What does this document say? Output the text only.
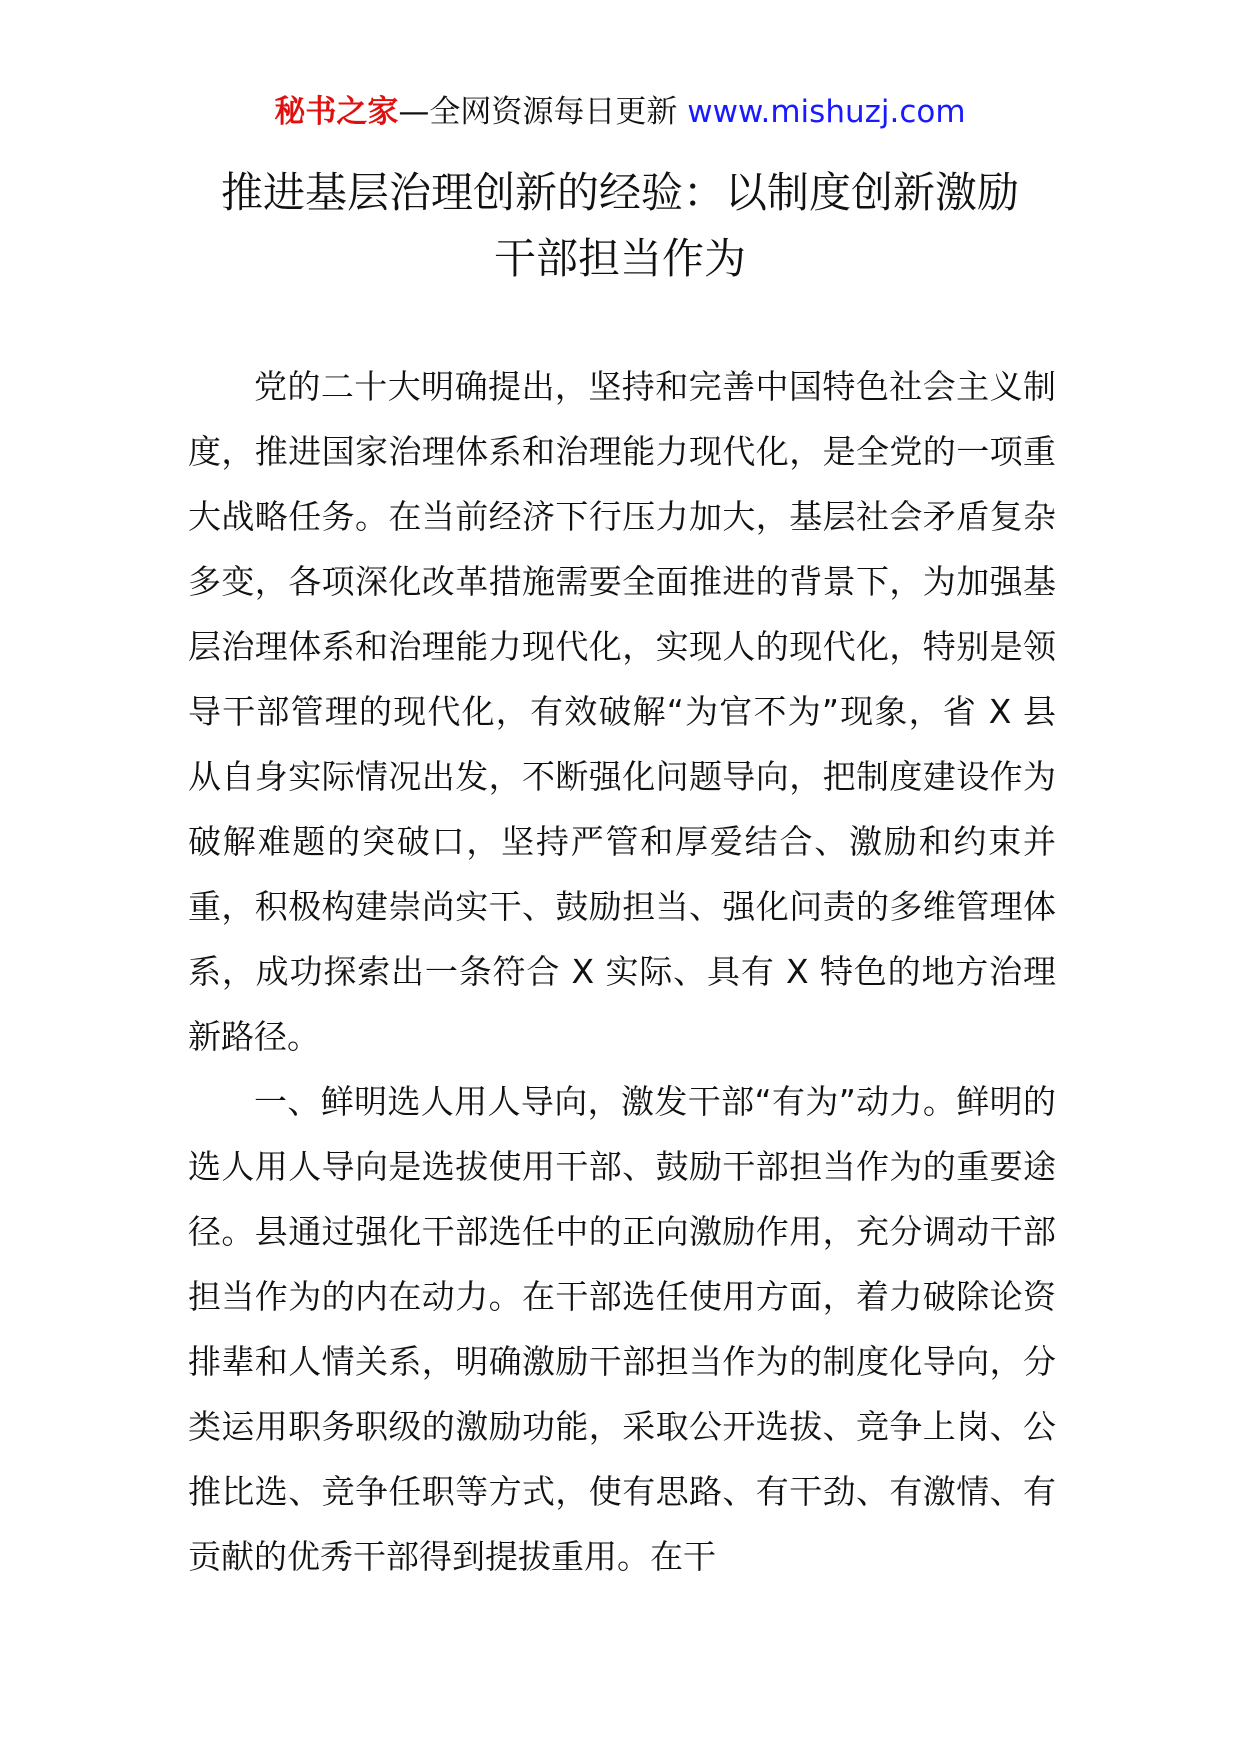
秘书之家—全网资源每日更新 www.mishuzj.com
推进基层治理创新的经验：以制度创新激励
干部担当作为

党的二十大明确提出，坚持和完善中国特色社会主义制度，推进国家治理体系和治理能力现代化，是全党的一项重大战略任务。在当前经济下行压力加大，基层社会矛盾复杂多变，各项深化改革措施需要全面推进的背景下，为加强基层治理体系和治理能力现代化，实现人的现代化，特别是领导干部管理的现代化，有效破解“为官不为”现象，省 X 县从自身实际情况出发，不断强化问题导向，把制度建设作为破解难题的突破口，坚持严管和厚爱结合、激励和约束并重，积极构建崇尚实干、鼓励担当、强化问责的多维管理体系，成功探索出一条符合 X 实际、具有 X 特色的地方治理新路径。

一、鲜明选人用人导向，激发干部“有为”动力。鲜明的选人用人导向是选拔使用干部、鼓励干部担当作为的重要途径。县通过强化干部选任中的正向激励作用，充分调动干部担当作为的内在动力。在干部选任使用方面，着力破除论资排辈和人情关系，明确激励干部担当作为的制度化导向，分类运用职务职级的激励功能，采取公开选拔、竞争上岗、公推比选、竞争任职等方式，使有思路、有干劲、有激情、有贡献的优秀干部得到提拔重用。在干
